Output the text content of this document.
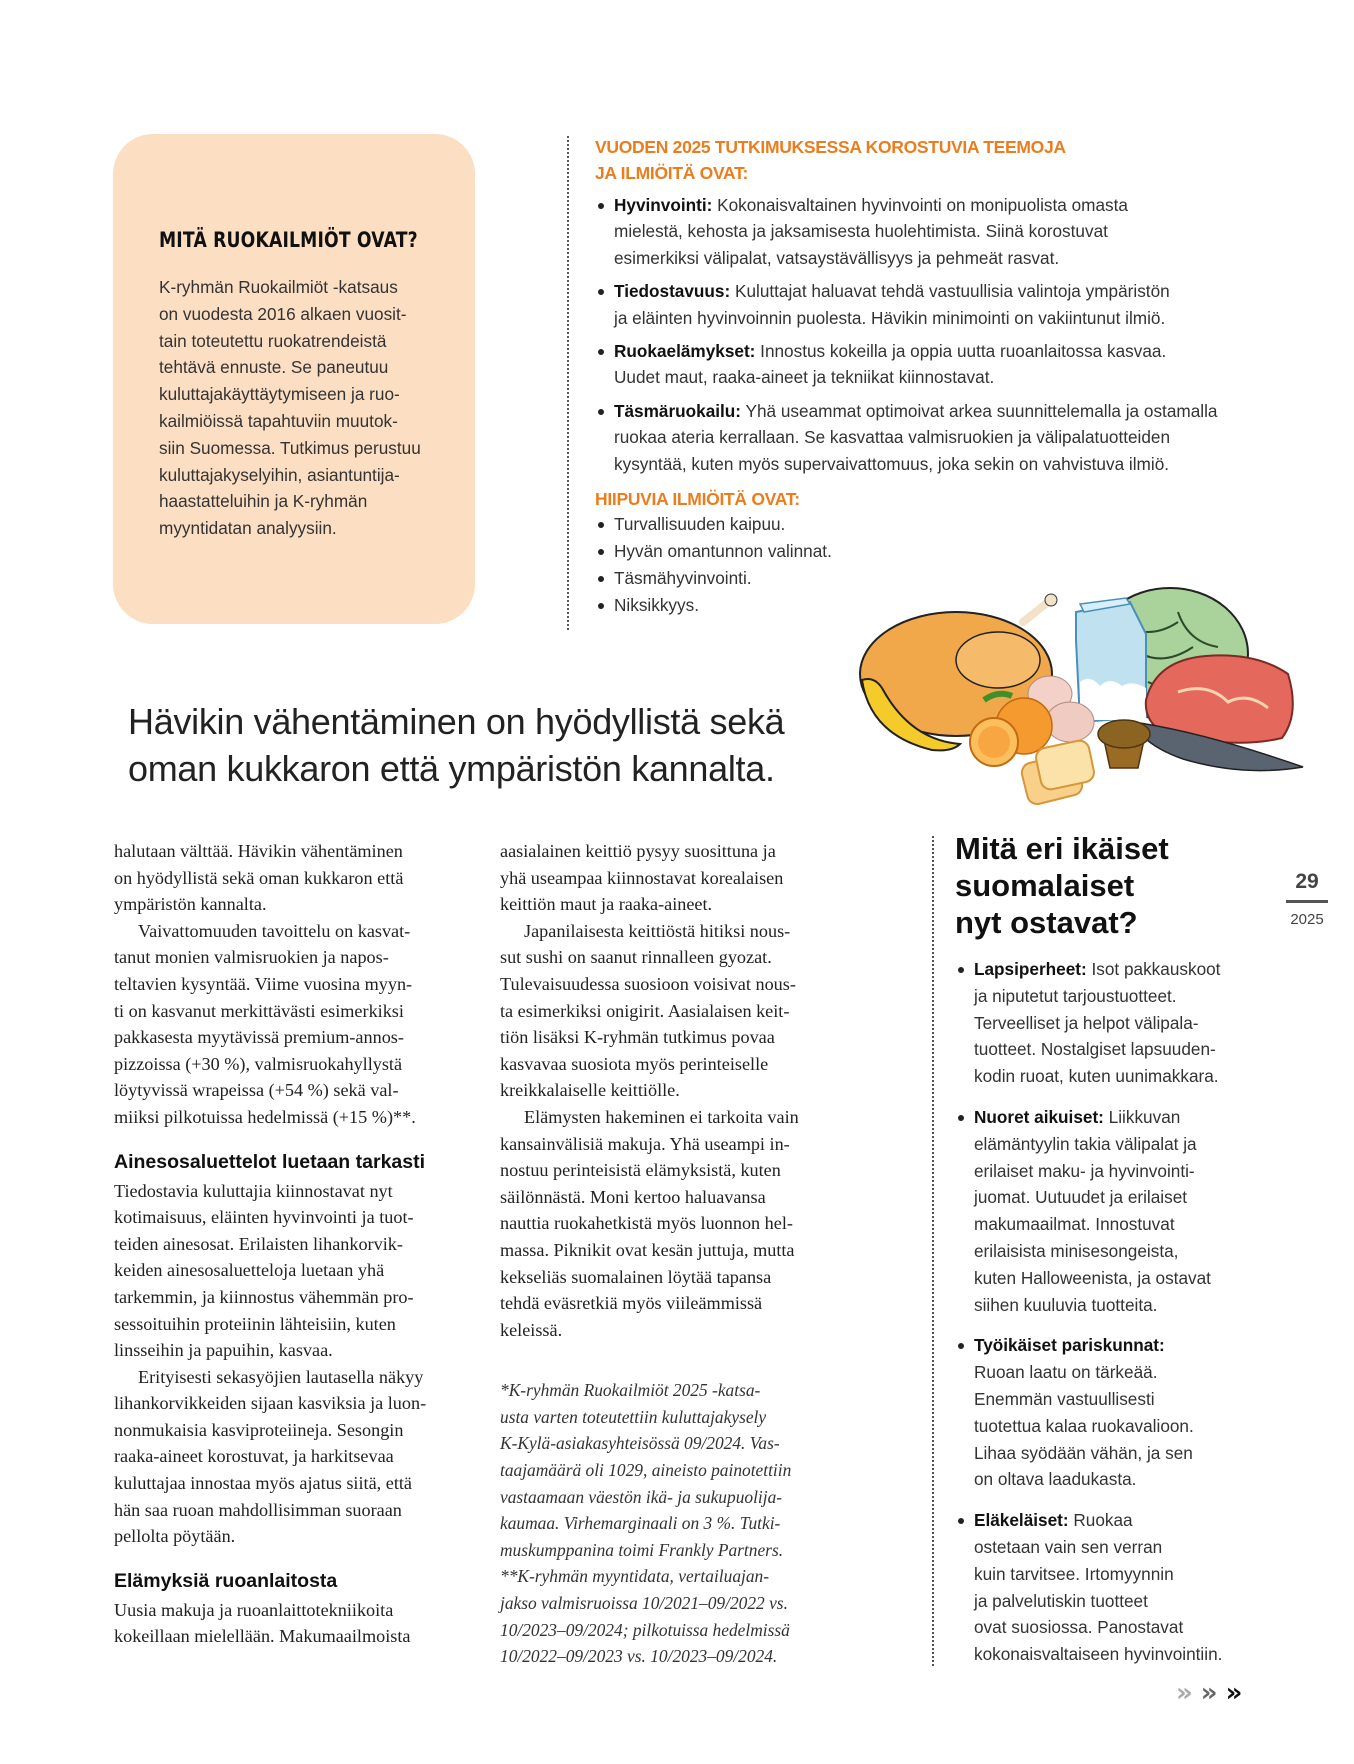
MITÄ RUOKAILMIÖT OVAT?

K-ryhmän Ruokailmiöt -katsaus
on vuodesta 2016 alkaen vuosit-
tain toteutettu ruokatrendeistä
tehtävä ennuste. Se paneutuu
kuluttajakäyttäytymiseen ja ruo-
kailmiöissä tapahtuviin muutok-
siin Suomessa. Tutkimus perustuu
kuluttajakyselyihin, asiantuntija-
haastatteluihin ja K-ryhmän
myyntidatan analyysiin.

VUODEN 2025 TUTKIMUKSESSA KOROSTUVIA TEEMOJA
JA ILMIÖITÄ OVAT:
Hyvinvointi: Kokonaisvaltainen hyvinvointi on monipuolista omasta
mielestä, kehosta ja jaksamisesta huolehtimista. Siinä korostuvat
esimerkiksi välipalat, vatsaystävällisyys ja pehmeät rasvat.
Tiedostavuus: Kuluttajat haluavat tehdä vastuullisia valintoja ympäristön
ja eläinten hyvinvoinnin puolesta. Hävikin minimointi on vakiintunut ilmiö.
Ruokaelämykset: Innostus kokeilla ja oppia uutta ruoanlaitossa kasvaa.
Uudet maut, raaka-aineet ja tekniikat kiinnostavat.
Täsmäruokailu: Yhä useammat optimoivat arkea suunnittelemalla ja ostamalla
ruokaa ateria kerrallaan. Se kasvattaa valmisruokien ja välipalatuotteiden
kysyntää, kuten myös supervaivattomuus, joka sekin on vahvistuva ilmiö.
HIIPUVIA ILMIÖITÄ OVAT:
Turvallisuuden kaipuu.
Hyvän omantunnon valinnat.
Täsmähyvinvointi.
Niksikkyys.
Hävikin vähentäminen on hyödyllistä sekä
oman kukkaron että ympäristön kannalta.

halutaan välttää. Hävikin vähentäminen
on hyödyllistä sekä oman kukkaron että
ympäristön kannalta.

Vaivattomuuden tavoittelu on kasvat-
tanut monien valmisruokien ja napos-
teltavien kysyntää. Viime vuosina myyn-
ti on kasvanut merkittävästi esimerkiksi
pakkasesta myytävissä premium-annos-
pizzoissa (+30 %), valmisruokahyllystä
löytyvissä wrapeissa (+54 %) sekä val-
miiksi pilkotuissa hedelmissä (+15 %)**.

Ainesosaluettelot luetaan tarkasti

Tiedostavia kuluttajia kiinnostavat nyt
kotimaisuus, eläinten hyvinvointi ja tuot-
teiden ainesosat. Erilaisten lihankorvik-
keiden ainesosaluetteloja luetaan yhä
tarkemmin, ja kiinnostus vähemmän pro-
sessoituihin proteiinin lähteisiin, kuten
linsseihin ja papuihin, kasvaa.

Erityisesti sekasyöjien lautasella näkyy
lihankorvikkeiden sijaan kasviksia ja luon-
nonmukaisia kasviproteiineja. Sesongin
raaka-aineet korostuvat, ja harkitsevaa
kuluttajaa innostaa myös ajatus siitä, että
hän saa ruoan mahdollisimman suoraan
pellolta pöytään.

Elämyksiä ruoanlaitosta

Uusia makuja ja ruoanlaittotekniikoita
kokeillaan mielellään. Makumaailmoista

aasialainen keittiö pysyy suosittuna ja
yhä useampaa kiinnostavat korealaisen
keittiön maut ja raaka-aineet.

Japanilaisesta keittiöstä hitiksi nous-
sut sushi on saanut rinnalleen gyozat.
Tulevaisuudessa suosioon voisivat nous-
ta esimerkiksi onigirit. Aasialaisen keit-
tiön lisäksi K-ryhmän tutkimus povaa
kasvavaa suosiota myös perinteiselle
kreikkalaiselle keittiölle.

Elämysten hakeminen ei tarkoita vain
kansainvälisiä makuja. Yhä useampi in-
nostuu perinteisistä elämyksistä, kuten
säilönnästä. Moni kertoo haluavansa
nauttia ruokahetkistä myös luonnon hel-
massa. Piknikit ovat kesän juttuja, mutta
kekseliäs suomalainen löytää tapansa
tehdä eväsretkiä myös viileämmissä
keleissä.

*K-ryhmän Ruokailmiöt 2025 -katsa-
usta varten toteutettiin kuluttajakysely
K-Kylä-asiakasyhteisössä 09/2024. Vas-
taajamäärä oli 1029, aineisto painotettiin
vastaamaan väestön ikä- ja sukupuolija-
kaumaa. Virhemarginaali on 3 %. Tutki-
muskumppanina toimi Frankly Partners.
**K-ryhmän myyntidata, vertailuajan-
jakso valmisruoissa 10/2021–09/2022 vs.
10/2023–09/2024; pilkotuissa hedelmissä
10/2022–09/2023 vs. 10/2023–09/2024.

Mitä eri ikäiset
suomalaiset
nyt ostavat?
Lapsiperheet: Isot pakkauskoot
ja niputetut tarjoustuotteet.
Terveelliset ja helpot välipala-
tuotteet. Nostalgiset lapsuuden-
kodin ruoat, kuten uunimakkara.
Nuoret aikuiset: Liikkuvan
elämäntyylin takia välipalat ja
erilaiset maku- ja hyvinvointi-
juomat. Uutuudet ja erilaiset
makumaailmat. Innostuvat
erilaisista minisesongeista,
kuten Halloweenista, ja ostavat
siihen kuuluvia tuotteita.
Työikäiset pariskunnat:
Ruoan laatu on tärkeää.
Enemmän vastuullisesti
tuotettua kalaa ruokavalioon.
Lihaa syödään vähän, ja sen
on oltava laadukasta.
Eläkeläiset: Ruokaa
ostetaan vain sen verran
kuin tarvitsee. Irtomyynnin
ja palvelutiskin tuotteet
ovat suosiossa. Panostavat
kokonaisvaltaiseen hyvinvointiin.
29
2025
» » »
